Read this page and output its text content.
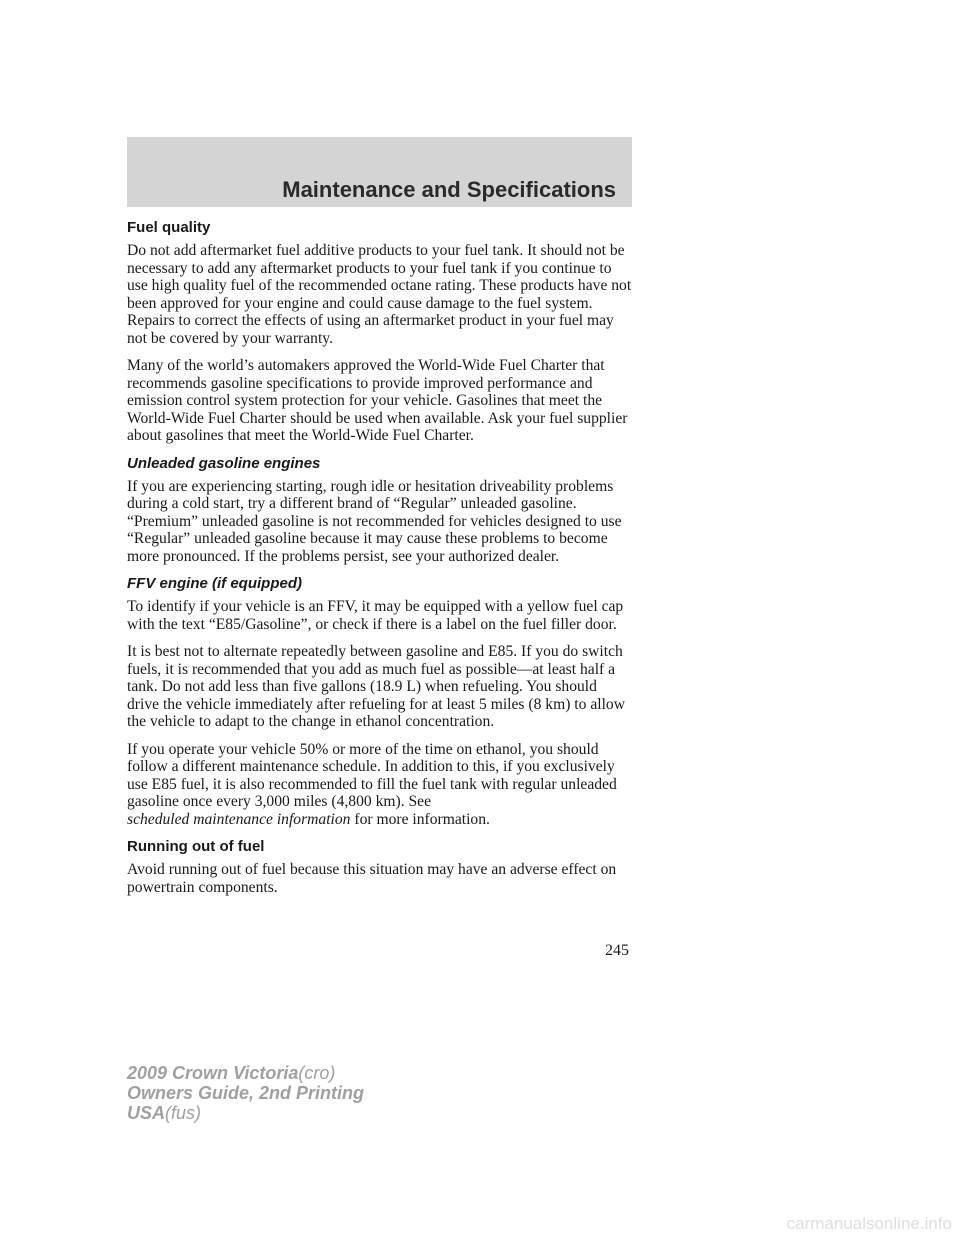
Maintenance and Specifications
Fuel quality

Do not add aftermarket fuel additive products to your fuel tank. It should not be necessary to add any aftermarket products to your fuel tank if you continue to use high quality fuel of the recommended octane rating. These products have not been approved for your engine and could cause damage to the fuel system. Repairs to correct the effects of using an aftermarket product in your fuel may not be covered by your warranty.

Many of the world’s automakers approved the World-Wide Fuel Charter that recommends gasoline specifications to provide improved performance and emission control system protection for your vehicle. Gasolines that meet the World-Wide Fuel Charter should be used when available. Ask your fuel supplier about gasolines that meet the World-Wide Fuel Charter.

Unleaded gasoline engines

If you are experiencing starting, rough idle or hesitation driveability problems during a cold start, try a different brand of “Regular” unleaded gasoline. “Premium” unleaded gasoline is not recommended for vehicles designed to use “Regular” unleaded gasoline because it may cause these problems to become more pronounced. If the problems persist, see your authorized dealer.

FFV engine (if equipped)

To identify if your vehicle is an FFV, it may be equipped with a yellow fuel cap with the text “E85/Gasoline”, or check if there is a label on the fuel filler door.

It is best not to alternate repeatedly between gasoline and E85. If you do switch fuels, it is recommended that you add as much fuel as possible—at least half a tank. Do not add less than five gallons (18.9 L) when refueling. You should drive the vehicle immediately after refueling for at least 5 miles (8 km) to allow the vehicle to adapt to the change in ethanol concentration.

If you operate your vehicle 50% or more of the time on ethanol, you should follow a different maintenance schedule. In addition to this, if you exclusively use E85 fuel, it is also recommended to fill the fuel tank with regular unleaded gasoline once every 3,000 miles (4,800 km). See
scheduled maintenance information for more information.

Running out of fuel

Avoid running out of fuel because this situation may have an adverse effect on powertrain components.

245
2009 Crown Victoria(cro)
Owners Guide, 2nd Printing
USA(fus)
carmanualsonline.info
